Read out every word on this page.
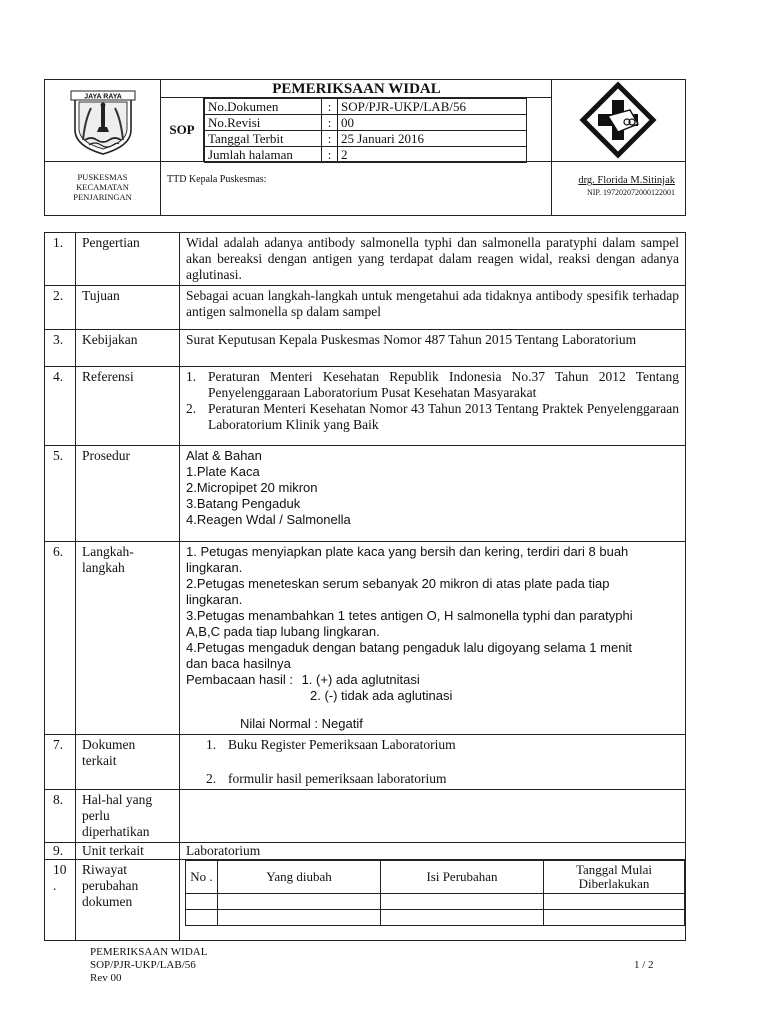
JAYA RAYA	PEMERIKSAAN WIDAL
SOP
No.Dokumen	:	SOP/PJR-UKP/LAB/56
No.Revisi	:	00
Tanggal Terbit	:	25 Januari 2016
Jumlah halaman	:	2
PUSKESMAS
KECAMATAN
PENJARINGAN
TTD Kepala Puskesmas:	drg. Florida M.Sitinjak
NIP. 197202072000122001
1.	Pengertian	Widal adalah adanya antibody salmonella typhi dan salmonella paratyphi dalam sampel akan bereaksi dengan antigen yang terdapat dalam reagen widal, reaksi dengan adanya aglutinasi.
2.	Tujuan	Sebagai acuan langkah-langkah untuk mengetahui ada tidaknya antibody spesifik terhadap antigen salmonella sp dalam sampel
3.	Kebijakan	Surat Keputusan Kepala Puskesmas Nomor 487 Tahun 2015 Tentang Laboratorium
4.	Referensi	1. Peraturan Menteri Kesehatan Republik Indonesia No.37 Tahun 2012 Tentang Penyelenggaraan Laboratorium Pusat Kesehatan Masyarakat
2. Peraturan Menteri Kesehatan Nomor 43 Tahun 2013 Tentang Praktek Penyelenggaraan Laboratorium Klinik yang Baik

5.	Prosedur	Alat & Bahan
1.Plate Kaca
2.Micropipet 20 mikron
3.Batang Pengaduk
4.Reagen Wdal / Salmonella

6.	Langkah-langkah	
1. Petugas menyiapkan plate kaca yang bersih dan kering, terdiri dari 8 buah lingkaran.
2.Petugas meneteskan serum sebanyak 20 mikron di atas plate pada tiap lingkaran.
3.Petugas menambahkan 1 tetes antigen O, H salmonella typhi dan paratyphi A,B,C pada tiap lubang lingkaran.
4.Petugas mengaduk dengan batang pengaduk lalu digoyang selama 1 menit dan baca hasilnya
Pembacaan hasil : 1. (+) ada aglutnitasi
2. (-) tidak ada aglutinasi
Nilai Normal : Negatif

7.	Dokumen terkait	
1. Buku Register Pemeriksaan Laboratorium
2. formulir hasil pemeriksaan laboratorium

8.	Hal-hal yang perlu diperhatikan	
9.	Unit terkait	Laboratorium
10 .	Riwayat perubahan dokumen	
No .	Yang diubah	Isi Perubahan	Tanggal Mulai Diberlakukan

PEMERIKSAAN WIDAL
SOP/PJR-UKP/LAB/56
Rev 00
1 / 2
